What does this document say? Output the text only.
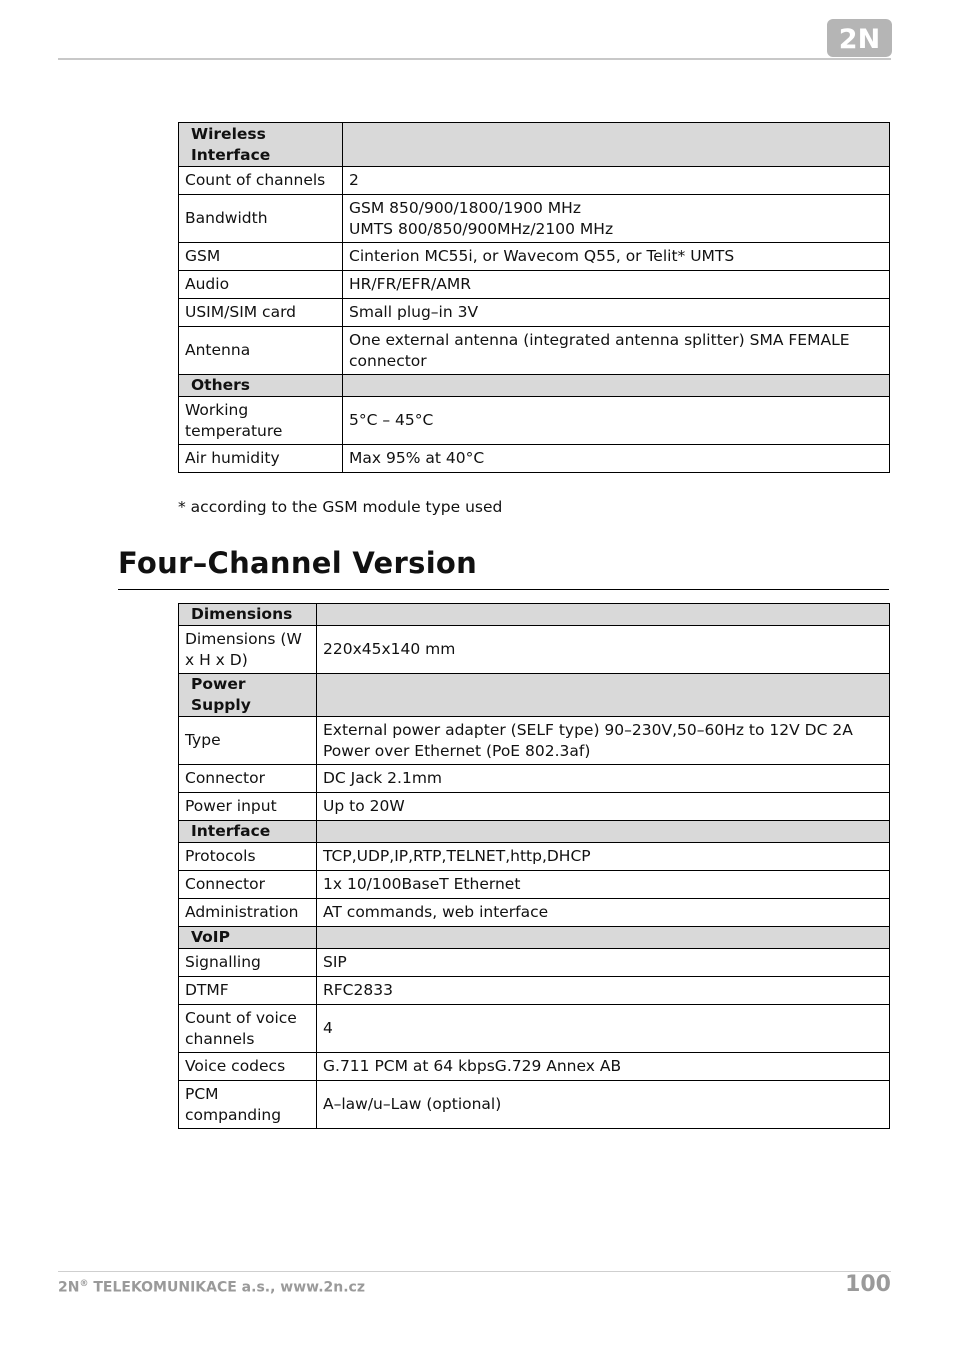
2N
Wireless Interface	
Count of channels	2
Bandwidth	GSM 850/900/1800/1900 MHz
UMTS 800/850/900MHz/2100 MHz
GSM	Cinterion MC55i, or Wavecom Q55, or Telit* UMTS
Audio	HR/FR/EFR/AMR
USIM/SIM card	Small plug–in 3V
Antenna	One external antenna (integrated antenna splitter) SMA FEMALE connector
Others	
Working temperature	5°C – 45°C
Air humidity	Max 95% at 40°C
* according to the GSM module type used
Four–Channel Version
Dimensions	
Dimensions (W x H x D)	220x45x140 mm
Power Supply	
Type	External power adapter (SELF type) 90–230V,50–60Hz to 12V DC 2A
Power over Ethernet (PoE 802.3af)
Connector	DC Jack 2.1mm
Power input	Up to 20W
Interface	
Protocols	TCP,UDP,IP,RTP,TELNET,http,DHCP
Connector	1x 10/100BaseT Ethernet
Administration	AT commands, web interface
VoIP	
Signalling	SIP
DTMF	RFC2833
Count of voice channels	4
Voice codecs	G.711 PCM at 64 kbpsG.729 Annex AB
PCM companding	A–law/u–Law (optional)
2N® TELEKOMUNIKACE a.s., www.2n.cz	100
